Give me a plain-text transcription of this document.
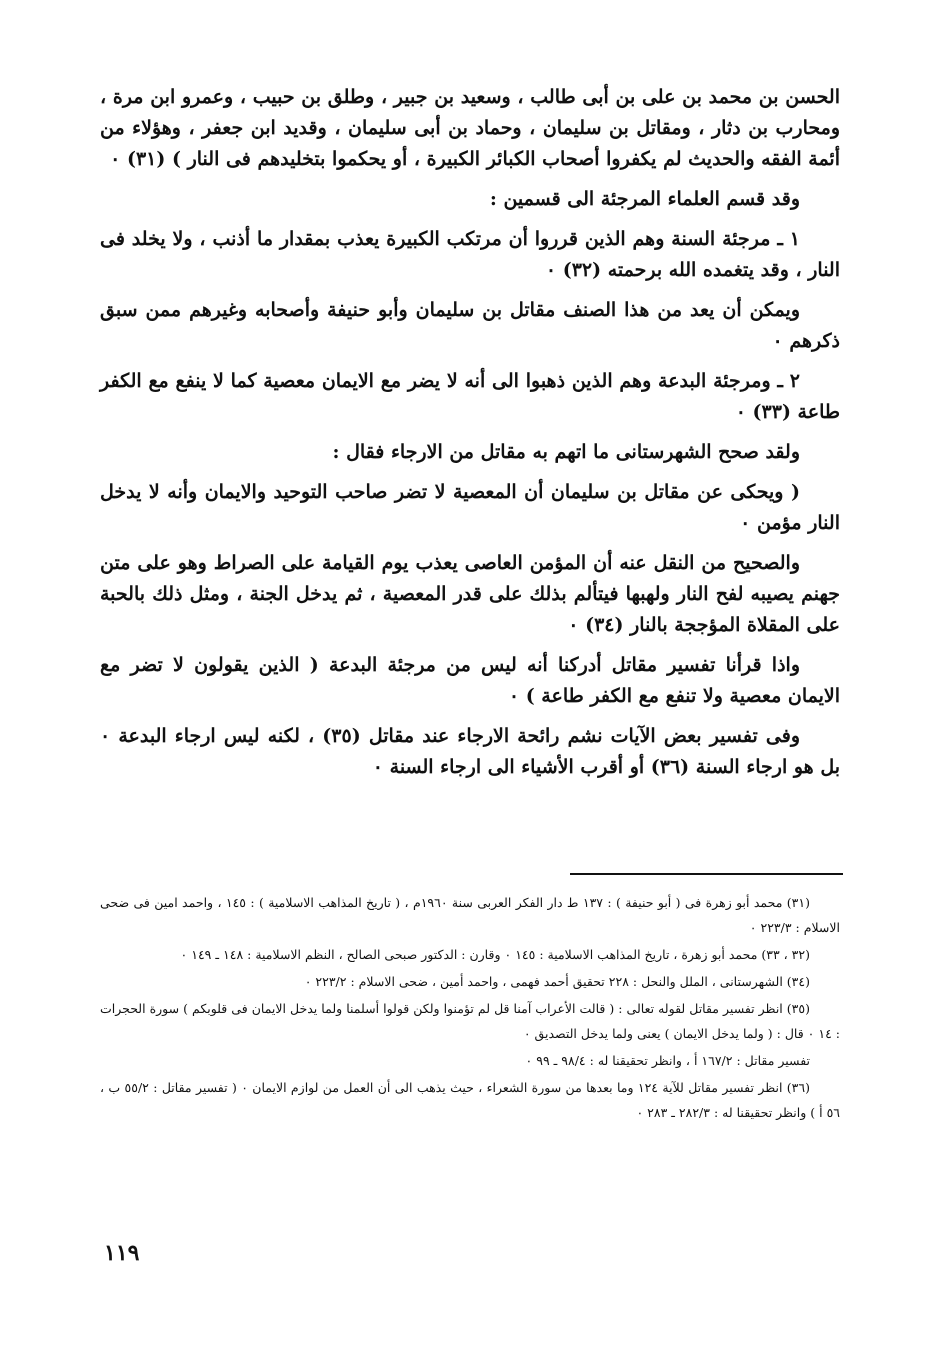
الحسن بن محمد بن على بن أبى طالب ، وسعيد بن جبير ، وطلق بن حبيب ، وعمرو ابن مرة ، ومحارب بن دثار ، ومقاتل بن سليمان ، وحماد بن أبى سليمان ، وقديد ابن جعفر ، وهؤلاء من أئمة الفقه والحديث لم يكفروا أصحاب الكبائر الكبيرة ، أو يحكموا بتخليدهم فى النار ) (٣١) ٠

وقد قسم العلماء المرجئة الى قسمين :

١ ـ مرجئة السنة وهم الذين قرروا أن مرتكب الكبيرة يعذب بمقدار ما أذنب ، ولا يخلد فى النار ، وقد يتغمده الله برحمته (٣٢) ٠

ويمكن أن يعد من هذا الصنف مقاتل بن سليمان وأبو حنيفة وأصحابه وغيرهم ممن سبق ذكرهم ٠

٢ ـ ومرجئة البدعة وهم الذين ذهبوا الى أنه لا يضر مع الايمان معصية كما لا ينفع مع الكفر طاعة (٣٣) ٠

ولقد صحح الشهرستانى ما اتهم به مقاتل من الارجاء فقال :

( ويحكى عن مقاتل بن سليمان أن المعصية لا تضر صاحب التوحيد والايمان وأنه لا يدخل النار مؤمن ٠

والصحيح من النقل عنه أن المؤمن العاصى يعذب يوم القيامة على الصراط وهو على متن جهنم يصيبه لفح النار ولهبها فيتألم بذلك على قدر المعصية ، ثم يدخل الجنة ، ومثل ذلك بالحبة على المقلاة المؤججة بالنار (٣٤) ٠

واذا قرأنا تفسير مقاتل أدركنا أنه ليس من مرجئة البدعة ( الذين يقولون لا تضر مع الايمان معصية ولا تنفع مع الكفر طاعة ) ٠

وفى تفسير بعض الآيات نشم رائحة الارجاء عند مقاتل (٣٥) ، لكنه ليس ارجاء البدعة ٠ بل هو ارجاء السنة (٣٦) أو أقرب الأشياء الى ارجاء السنة ٠

(٣١) محمد أبو زهرة فى ( أبو حنيفة ) : ١٣٧ ط دار الفكر العربى سنة ١٩٦٠م ، ( تاريخ المذاهب الاسلامية ) : ١٤٥ ، واحمد امين فى ضحى الاسلام : ٢٢٣/٣ ٠

(٣٢ ، ٣٣) محمد أبو زهرة ، تاريخ المذاهب الاسلامية : ١٤٥ ٠ وقارن : الدكتور صبحى الصالح ، النظم الاسلامية : ١٤٨ ـ ١٤٩ ٠

(٣٤) الشهرستانى ، الملل والنحل : ٢٢٨ تحقيق أحمد فهمى ، واحمد أمين ، ضحى الاسلام : ٢٢٣/٢ ٠

(٣٥) انظر تفسير مقاتل لقوله تعالى : ( قالت الأعراب آمنا قل لم تؤمنوا ولكن قولوا أسلمنا ولما يدخل الايمان فى قلوبكم ) سورة الحجرات : ١٤ ٠ قال : ( ولما يدخل الايمان ) يعنى ولما يدخل التصديق ٠

تفسير مقاتل : ١٦٧/٢ أ ، وانظر تحقيقنا له : ٩٨/٤ ـ ٩٩ ٠

(٣٦) انظر تفسير مقاتل للآية ١٢٤ وما بعدها من سورة الشعراء ، حيث يذهب الى أن العمل من لوازم الايمان ٠ ( تفسير مقاتل : ٥٥/٢ ب ، ٥٦ أ ) وانظر تحقيقنا له : ٢٨٢/٣ ـ ٢٨٣ ٠

١١٩
